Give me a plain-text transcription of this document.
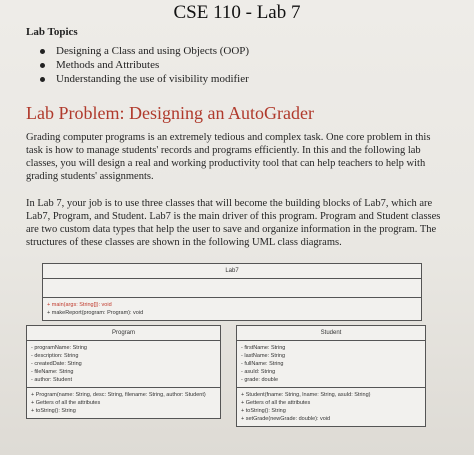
CSE 110 - Lab 7
Lab Topics
Designing a Class and using Objects (OOP)
Methods and Attributes
Understanding the use of visibility modifier
Lab Problem: Designing an AutoGrader

Grading computer programs is an extremely tedious and complex task. One core problem in this task is how to manage students' records and programs efficiently. In this and the following lab classes, you will design a real and working productivity tool that can help teachers to help with grading students' assignments.

In Lab 7, your job is to use three classes that will become the building blocks of Lab7, which are Lab7, Program, and Student. Lab7 is the main driver of this program. Program and Student classes are two custom data types that help the user to save and organize information in the program. The structures of these classes are shown in the following UML class diagrams.

Lab7
+ main(args: String[]): void
+ makeReport(program: Program): void
Program
- programName: String
- description: String
- createdDate: String
- fileName: String
- author: Student
+ Program(name: String, desc: String, filename: String, author: Student)
+ Getters of all the attributes
+ toString(): String
Student
- firstName: String
- lastName: String
- fullName: String
- asuId: String
- grade: double
+ Student(fname: String, lname: String, asuId: String)
+ Getters of all the attributes
+ toString(): String
+ setGrade(newGrade: double): void
